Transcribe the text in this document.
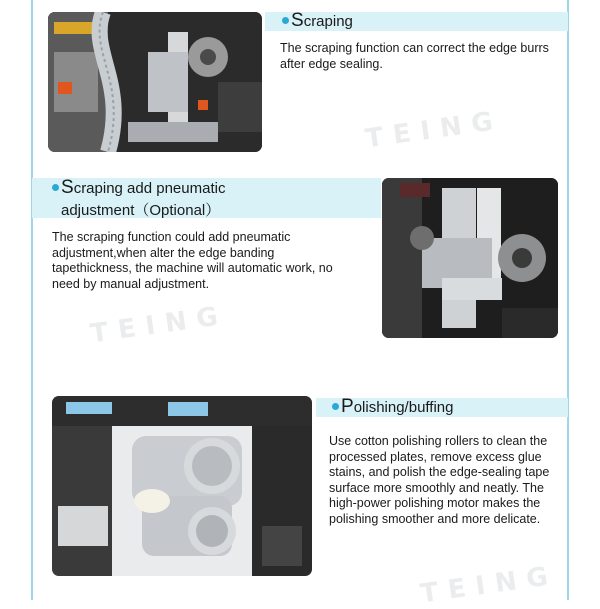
Scraping
The scraping function can correct the edge burrs after edge sealing.
TEING
Scraping add pneumatic
adjustment（Optional）
The scraping function could add pneumatic adjustment,when alter the edge banding tapethickness, the machine will automatic work, no need by manual adjustment.
TEING
Polishing/buffing
Use cotton polishing rollers to clean the processed plates, remove excess glue stains, and polish the edge-sealing tape surface more smoothly and neatly. The high-power polishing motor makes the polishing smoother and more delicate.
TEING
